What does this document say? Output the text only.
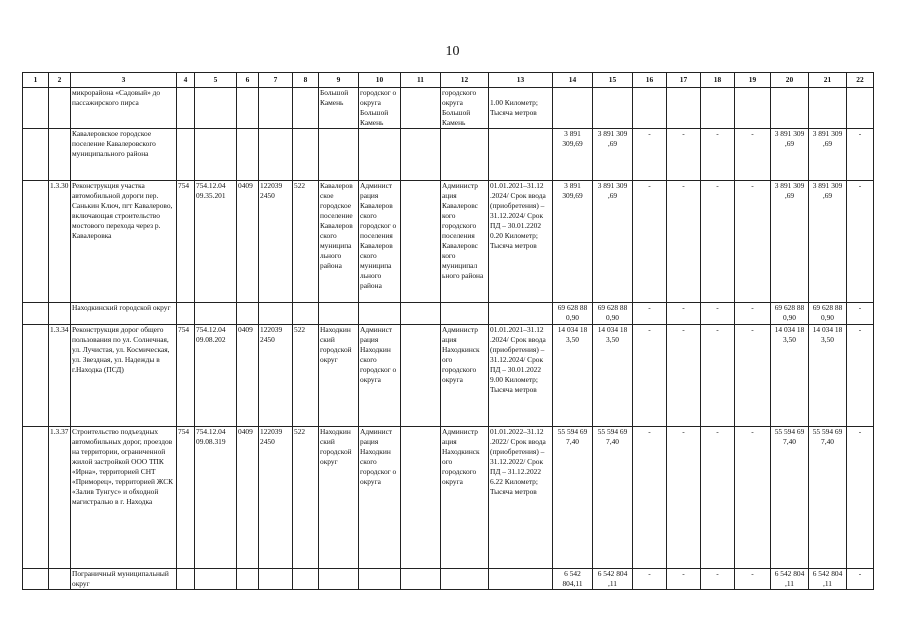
10
1	2	3	4	5	6	7	8	9	10	11	12	13	14	15	16	17	18	19	20	21	22
		микрорайона «Садовый» до пассажирского пирса						Большой Камень	городског о округа Большой Камень		городского округа Большой Камень	1.00 Километр; Тысяча метров									
		Кавалеровское городское поселение Кавалеровского муниципального района											3 891 309,69	3 891 309 ,69	-	-	-	-	3 891 309 ,69	3 891 309 ,69	-
	1.3.30	Реконструкция участка автомобильной дороги пер. Санькин Ключ, пгт Кавалерово, включающая строительство мостового перехода через р. Кавалеровка	754	754.12.04 09.35.201	0409	122039 2450	522	Кавалеров ское городское поселение Кавалеров ского муниципа льного района	Админист рация Кавалеров ского городског о поселения Кавалеров ского муниципа льного района		Администр ация Кавалеровс кого городского поселения Кавалеровс кого муниципал ьного района	01.01.2021–31.12 .2024/ Срок ввода (приобретения) – 31.12.2024/ Срок ПД – 30.01.2202 0.20 Километр; Тысяча метров	3 891 309,69	3 891 309 ,69	-	-	-	-	3 891 309 ,69	3 891 309 ,69	-
		Находкинский городской округ											69 628 88 0,90	69 628 88 0,90	-	-	-	-	69 628 88 0,90	69 628 88 0,90	-
	1.3.34	Реконструкция дорог общего пользования по ул. Солнечная, ул. Лучистая, ул. Космическая, ул. Звездная, ул. Надежды в г.Находка (ПСД)	754	754.12.04 09.08.202	0409	122039 2450	522	Находкин ский городской округ	Админист рация Находкин ского городског о округа		Администр ация Находкинск ого городского округа	01.01.2021–31.12 .2024/ Срок ввода (приобретения) – 31.12.2024/ Срок ПД – 30.01.2022 9.00 Километр; Тысяча метров	14 034 18 3,50	14 034 18 3,50	-	-	-	-	14 034 18 3,50	14 034 18 3,50	-
	1.3.37	Строительство подъездных автомобильных дорог, проездов на территории, ограниченной жилой застройкой ООО ТПК «Ирна», территорией СНТ «Приморец», территорией ЖСК «Залив Тунгус» и обходной магистралью в г. Находка	754	754.12.04 09.08.319	0409	122039 2450	522	Находкин ский городской округ	Админист рация Находкин ского городског о округа		Администр ация Находкинск ого городского округа	01.01.2022–31.12 .2022/ Срок ввода (приобретения) – 31.12.2022/ Срок ПД – 31.12.2022 6.22 Километр; Тысяча метров	55 594 69 7,40	55 594 69 7,40	-	-	-	-	55 594 69 7,40	55 594 69 7,40	-
		Пограничный муниципальный округ											6 542 804,11	6 542 804 ,11	-	-	-	-	6 542 804 ,11	6 542 804 ,11	-
